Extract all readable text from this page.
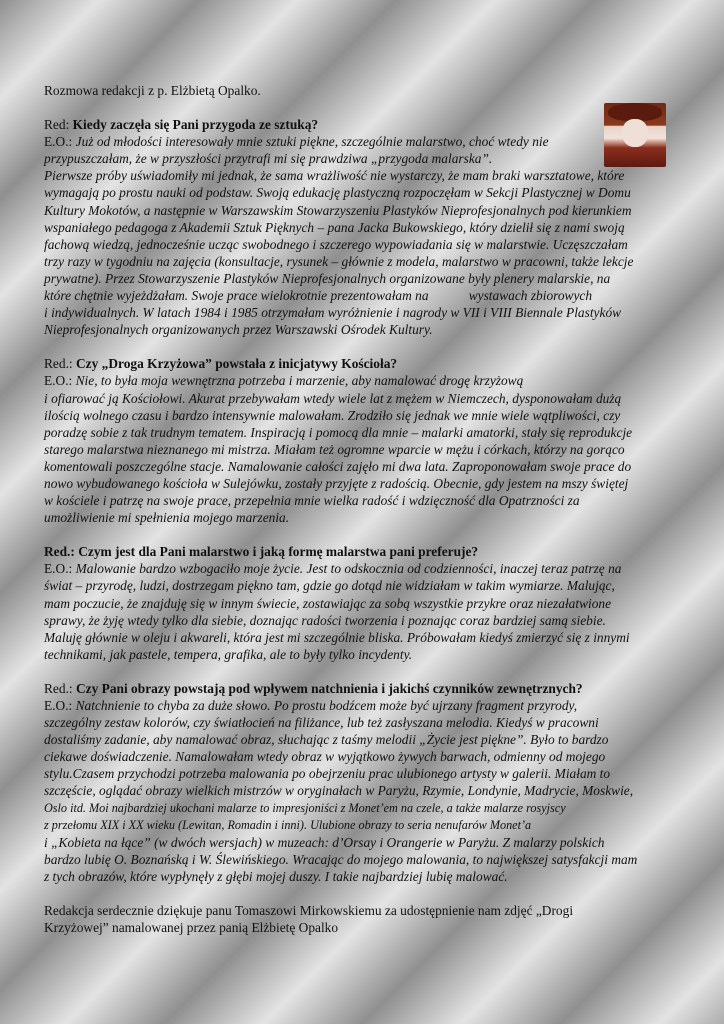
Rozmowa redakcji z p. Elżbietą Opalko.

Red: Kiedy zaczęła się Pani przygoda ze sztuką?

E.O.: Już od młodości interesowały mnie sztuki piękne, szczególnie malarstwo, choć wtedy nie

przypuszczałam, że w przyszłości przytrafi mi się prawdziwa „przygoda malarska”.

Pierwsze próby uświadomiły mi jednak, że sama wrażliwość nie wystarczy, że mam braki warsztatowe, które

wymagają po prostu nauki od podstaw. Swoją edukację plastyczną rozpoczęłam w Sekcji Plastycznej w Domu

Kultury Mokotów, a następnie w Warszawskim Stowarzyszeniu Plastyków Nieprofesjonalnych pod kierunkiem

wspaniałego pedagoga z Akademii Sztuk Pięknych – pana Jacka Bukowskiego, który dzielił się z nami swoją

fachową wiedzą, jednocześnie ucząc swobodnego i szczerego wypowiadania się w malarstwie. Uczęszczałam

trzy razy w tygodniu na zajęcia (konsultacje, rysunek – głównie z modela, malarstwo w pracowni, także lekcje

prywatne). Przez Stowarzyszenie Plastyków Nieprofesjonalnych organizowane były plenery malarskie, na

które chętnie wyjeżdżałam. Swoje prace wielokrotnie prezentowałam na            wystawach zbiorowych

i indywidualnych. W latach 1984 i 1985 otrzymałam wyróżnienie i nagrody w VII i VIII Biennale Plastyków

Nieprofesjonalnych organizowanych przez Warszawski Ośrodek Kultury.

Red.: Czy „Droga Krzyżowa” powstała z inicjatywy Kościoła?

E.O.: Nie, to była moja wewnętrzna potrzeba i marzenie, aby namalować drogę krzyżową

i ofiarować ją Kościołowi. Akurat przebywałam wtedy wiele lat z mężem w Niemczech, dysponowałam dużą

ilością wolnego czasu i bardzo intensywnie malowałam. Zrodziło się jednak we mnie wiele wątpliwości, czy

poradzę sobie z tak trudnym tematem. Inspiracją i pomocą dla mnie – malarki amatorki, stały się reprodukcje

starego malarstwa nieznanego mi mistrza. Miałam też ogromne wparcie w mężu i córkach, którzy na gorąco

komentowali poszczególne stacje. Namalowanie całości zajęło mi dwa lata. Zaproponowałam swoje prace do

nowo wybudowanego kościoła w Sulejówku, zostały przyjęte z radością. Obecnie, gdy jestem na mszy świętej

w kościele i patrzę na swoje prace, przepełnia mnie wielka radość i wdzięczność dla Opatrzności za

umożliwienie mi spełnienia mojego marzenia.

Red.: Czym jest dla Pani malarstwo i jaką formę malarstwa pani preferuje?

E.O.: Malowanie bardzo wzbogaciło moje życie. Jest to odskocznia od codzienności, inaczej teraz patrzę na

świat – przyrodę, ludzi, dostrzegam piękno tam, gdzie go dotąd nie widziałam w takim wymiarze. Malując,

mam poczucie, że znajduję się w innym świecie, zostawiając za sobą wszystkie przykre oraz niezałatwione

sprawy, że żyję wtedy tylko dla siebie, doznając radości tworzenia i poznając coraz bardziej samą siebie.

Maluję głównie w oleju i akwareli, która jest mi szczególnie bliska. Próbowałam kiedyś zmierzyć się z innymi

technikami, jak pastele, tempera, grafika, ale to były tylko incydenty.

Red.: Czy Pani obrazy powstają pod wpływem natchnienia i jakichś czynników zewnętrznych?

E.O.: Natchnienie to chyba za duże słowo. Po prostu bodźcem może być ujrzany fragment przyrody,

szczególny zestaw kolorów, czy światłocień na filiżance, lub też zasłyszana melodia. Kiedyś w pracowni

dostaliśmy zadanie, aby namalować obraz, słuchając z taśmy melodii „Życie jest piękne”. Było to bardzo

ciekawe doświadczenie. Namalowałam wtedy obraz w wyjątkowo żywych barwach, odmienny od mojego

stylu.Czasem przychodzi potrzeba malowania po obejrzeniu prac ulubionego artysty w galerii. Miałam to

szczęście, oglądać obrazy wielkich mistrzów w oryginałach w Paryżu, Rzymie, Londynie, Madrycie, Moskwie,

Oslo itd. Moi najbardziej ukochani malarze to impresjoniści z Monet’em na czele, a także malarze rosyjscy

z przełomu XIX i XX wieku (Lewitan, Romadin i inni). Ulubione obrazy to seria nenufarów Monet’a

i „Kobieta na łące” (w dwóch wersjach) w muzeach: d’Orsay i Orangerie w Paryżu. Z malarzy polskich

bardzo lubię O. Boznańską i W. Ślewińskiego. Wracając do mojego malowania, to największej satysfakcji mam

z tych obrazów, które wypłynęły z głębi mojej duszy. I takie najbardziej lubię malować.

Redakcja serdecznie dziękuje panu Tomaszowi Mirkowskiemu za udostępnienie nam zdjęć „Drogi

Krzyżowej” namalowanej przez panią Elżbietę Opalko
